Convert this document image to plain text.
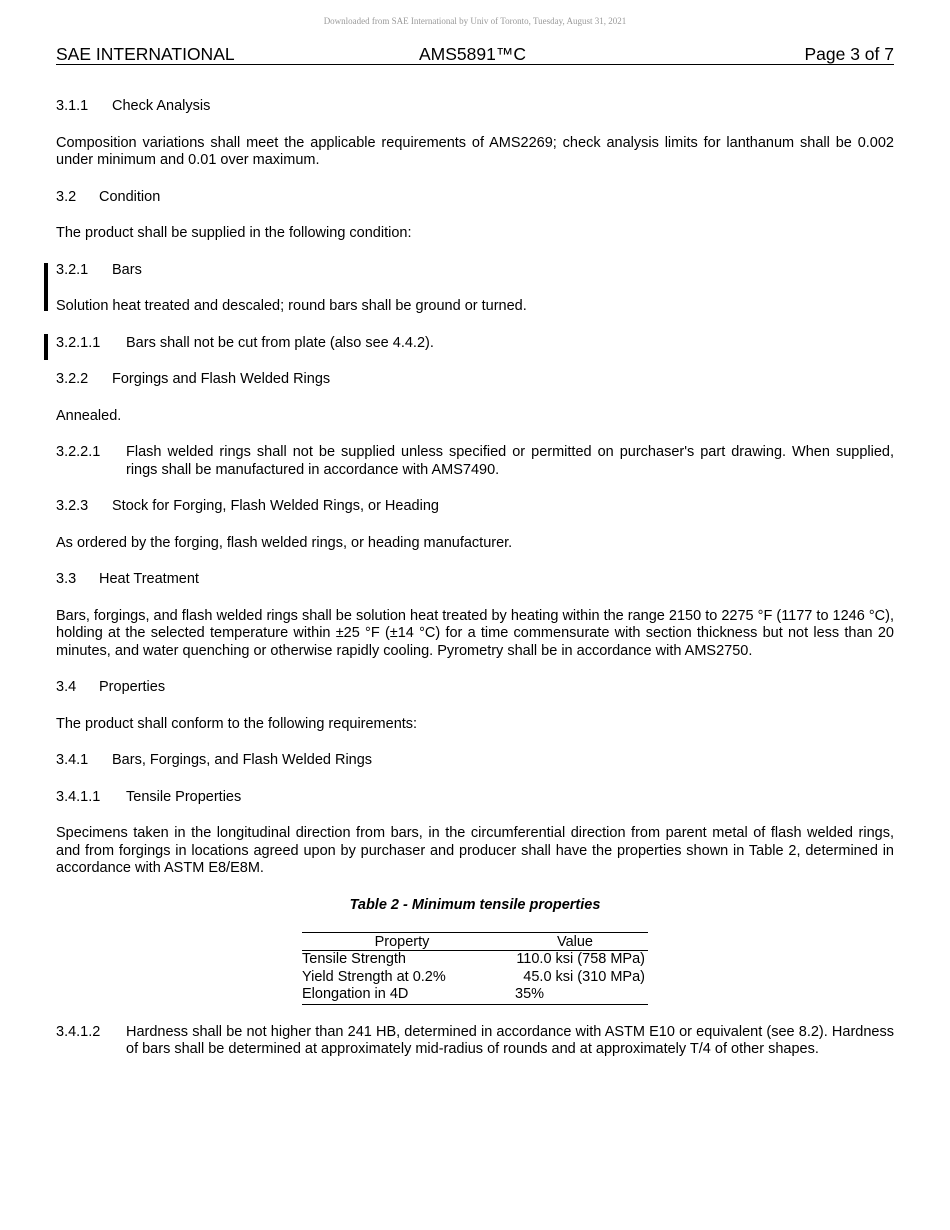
Downloaded from SAE International by Univ of Toronto, Tuesday, August 31, 2021
SAE INTERNATIONAL	AMS5891™C	Page 3 of 7
3.1.1 Check Analysis
Composition variations shall meet the applicable requirements of AMS2269; check analysis limits for lanthanum shall be 0.002 under minimum and 0.01 over maximum.
3.2 Condition
The product shall be supplied in the following condition:
3.2.1 Bars
Solution heat treated and descaled; round bars shall be ground or turned.
3.2.1.1	Bars shall not be cut from plate (also see 4.4.2).
3.2.2 Forgings and Flash Welded Rings
Annealed.
3.2.2.1	Flash welded rings shall not be supplied unless specified or permitted on purchaser's part drawing. When supplied, rings shall be manufactured in accordance with AMS7490.
3.2.3 Stock for Forging, Flash Welded Rings, or Heading
As ordered by the forging, flash welded rings, or heading manufacturer.
3.3 Heat Treatment
Bars, forgings, and flash welded rings shall be solution heat treated by heating within the range 2150 to 2275 °F (1177 to 1246 °C), holding at the selected temperature within ±25 °F (±14 °C) for a time commensurate with section thickness but not less than 20 minutes, and water quenching or otherwise rapidly cooling. Pyrometry shall be in accordance with AMS2750.
3.4 Properties
The product shall conform to the following requirements:
3.4.1 Bars, Forgings, and Flash Welded Rings
3.4.1.1 Tensile Properties
Specimens taken in the longitudinal direction from bars, in the circumferential direction from parent metal of flash welded rings, and from forgings in locations agreed upon by purchaser and producer shall have the properties shown in Table 2, determined in accordance with ASTM E8/E8M.
Table 2 - Minimum tensile properties
Property	Value
Tensile Strength	110.0 ksi (758 MPa)
Yield Strength at 0.2%	45.0 ksi (310 MPa)
Elongation in 4D	35%
3.4.1.2	Hardness shall be not higher than 241 HB, determined in accordance with ASTM E10 or equivalent (see 8.2). Hardness of bars shall be determined at approximately mid-radius of rounds and at approximately T/4 of other shapes.
